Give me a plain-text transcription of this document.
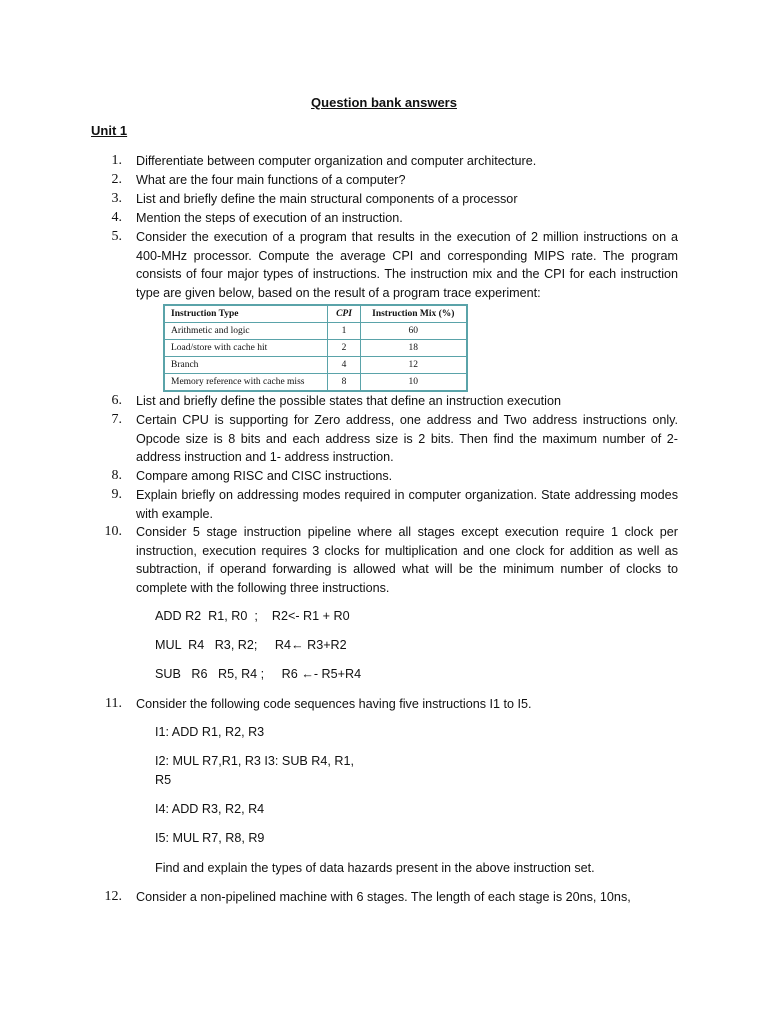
Question bank answers
Unit 1
1. Differentiate between computer organization and computer architecture.
2. What are the four main functions of a computer?
3. List and briefly define the main structural components of a processor
4. Mention the steps of execution of an instruction.
5. Consider the execution of a program that results in the execution of 2 million instructions on a 400-MHz processor. Compute the average CPI and corresponding MIPS rate. The program consists of four major types of instructions. The instruction mix and the CPI for each instruction type are given below, based on the result of a program trace experiment:
Instruction Type	CPI	Instruction Mix (%)
Arithmetic and logic	1	60
Load/store with cache hit	2	18
Branch	4	12
Memory reference with cache miss	8	10
6. List and briefly define the possible states that define an instruction execution
7. Certain CPU is supporting for Zero address, one address and Two address instructions only. Opcode size is 8 bits and each address size is 2 bits. Then find the maximum number of 2- address instruction and 1- address instruction.
8. Compare among RISC and CISC instructions.
9. Explain briefly on addressing modes required in computer organization. State addressing modes with example.
10. Consider 5 stage instruction pipeline where all stages except execution require 1 clock per instruction, execution requires 3 clocks for multiplication and one clock for addition as well as subtraction, if operand forwarding is allowed what will be the minimum number of clocks to complete with the following three instructions.
ADD R2  R1, R0  ;    R2<- R1 + R0
MUL  R4   R3, R2;     R4← R3+R2
SUB   R6   R5, R4 ;     R6 ←- R5+R4
11. Consider the following code sequences having five instructions I1 to I5.
I1: ADD R1, R2, R3
I2: MUL R7,R1, R3 I3: SUB R4, R1,
R5
I4: ADD R3, R2, R4
I5: MUL R7, R8, R9
Find and explain the types of data hazards present in the above instruction set.
12. Consider a non-pipelined machine with 6 stages. The length of each stage is 20ns, 10ns,
